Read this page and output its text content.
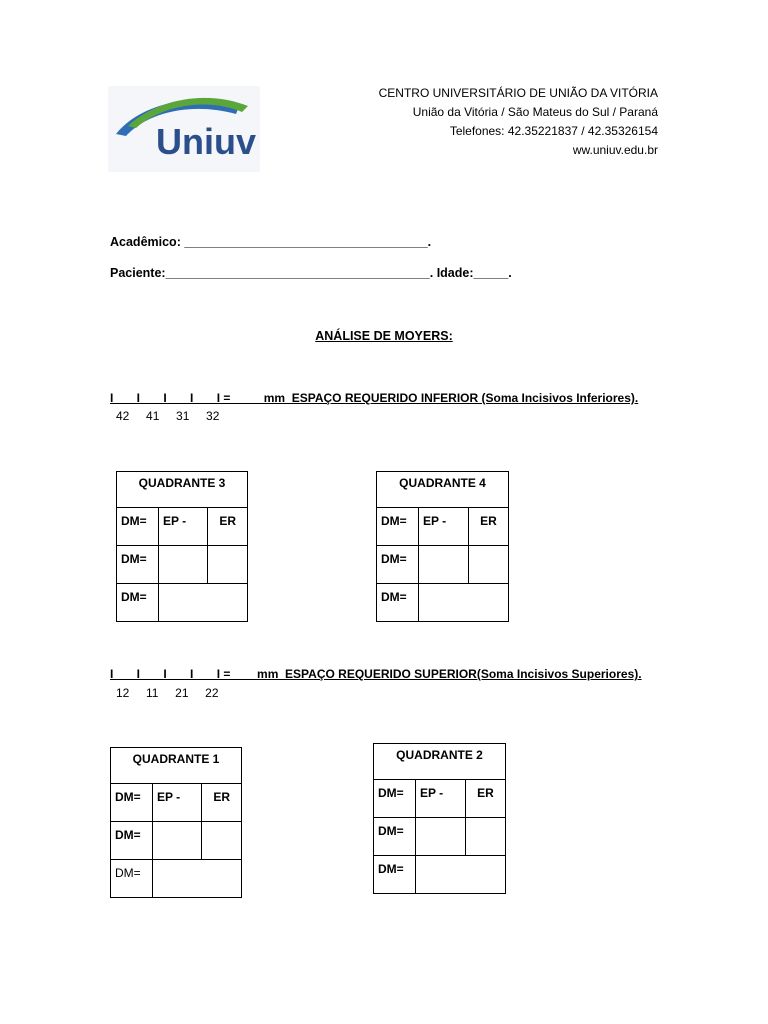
Uniuv
CENTRO UNIVERSITÁRIO DE UNIÃO DA VITÓRIA
União da Vitória / São Mateus do Sul / Paraná
Telefones: 42.35221837 / 42.35326154
ww.uniuv.edu.br
Acadêmico: ___________________________________.
Paciente:______________________________________. Idade:_____.
ANÁLISE DE MOYERS:
I       I       I       I       I =          mm  ESPAÇO REQUERIDO INFERIOR (Soma Incisivos Inferiores).
42     41     31     32
QUADRANTE 3		
DM=	EP -	ER
DM=		
DM=		
QUADRANTE 4		
DM=	EP -	ER
DM=		
DM=		
I       I       I       I       I =        mm  ESPAÇO REQUERIDO SUPERIOR(Soma Incisivos Superiores).
12     11     21     22
QUADRANTE 1		
DM=	EP -	ER
DM=		
DM=		
QUADRANTE 2		
DM=	EP -	ER
DM=		
DM=		
